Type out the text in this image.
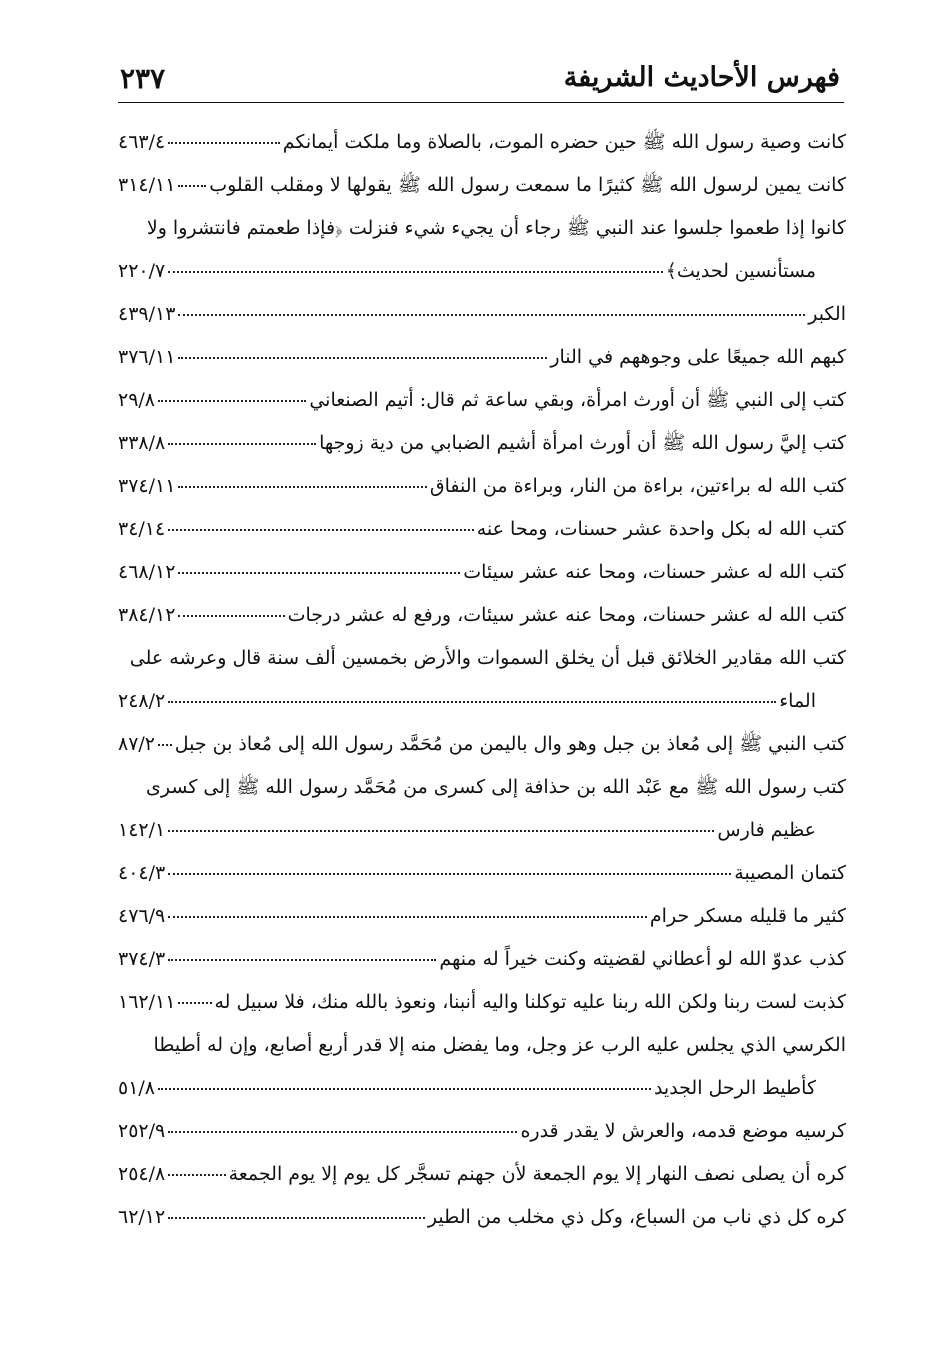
فهرس الأحاديث الشريفة
٢٣٧
كانت وصية رسول الله ﷺ حين حضره الموت، بالصلاة وما ملكت أيمانكم
٤٦٣/٤
كانت يمين لرسول الله ﷺ كثيرًا ما سمعت رسول الله ﷺ يقولها لا ومقلب القلوب
٣١٤/١١
كانوا إذا طعموا جلسوا عند النبي ﷺ رجاء أن يجيء شيء فنزلت ﴿فإذا طعمتم فانتشروا ولا
مستأنسين لحديث﴾
٢٢٠/٧
الكبر
٤٣٩/١٣
كبهم الله جميعًا على وجوههم في النار
٣٧٦/١١
كتب إلى النبي ﷺ أن أورث امرأة، وبقي ساعة ثم قال: أتيم الصنعاني
٢٩/٨
كتب إليَّ رسول الله ﷺ أن أورث امرأة أشيم الضبابي من دية زوجها
٣٣٨/٨
كتب الله له براءتين، براءة من النار، وبراءة من النفاق
٣٧٤/١١
كتب الله له بكل واحدة عشر حسنات، ومحا عنه
٣٤/١٤
كتب الله له عشر حسنات، ومحا عنه عشر سيئات
٤٦٨/١٢
كتب الله له عشر حسنات، ومحا عنه عشر سيئات، ورفع له عشر درجات
٣٨٤/١٢
كتب الله مقادير الخلائق قبل أن يخلق السموات والأرض بخمسين ألف سنة قال وعرشه على
الماء
٢٤٨/٢
كتب النبي ﷺ إلى مُعاذ بن جبل وهو وال باليمن من مُحَمَّد رسول الله إلى مُعاذ بن جبل
٨٧/٢
كتب رسول الله ﷺ مع عَبْد الله بن حذافة إلى كسرى من مُحَمَّد رسول الله ﷺ إلى كسرى
عظيم فارس
١٤٢/١
كتمان المصيبة
٤٠٤/٣
كثير ما قليله مسكر حرام
٤٧٦/٩
كذب عدوّ الله لو أعطاني لقضيته وكنت خيراً له منهم
٣٧٤/٣
كذبت لست ربنا ولكن الله ربنا عليه توكلنا واليه أنبنا، ونعوذ بالله منك، فلا سبيل له
١٦٢/١١
الكرسي الذي يجلس عليه الرب عز وجل، وما يفضل منه إلا قدر أربع أصابع، وإن له أطيطا
كأطيط الرحل الجديد
٥١/٨
كرسيه موضع قدمه، والعرش لا يقدر قدره
٢٥٢/٩
كره أن يصلى نصف النهار إلا يوم الجمعة لأن جهنم تسجَّر كل يوم إلا يوم الجمعة
٢٥٤/٨
كره كل ذي ناب من السباع، وكل ذي مخلب من الطير
٦٢/١٢
